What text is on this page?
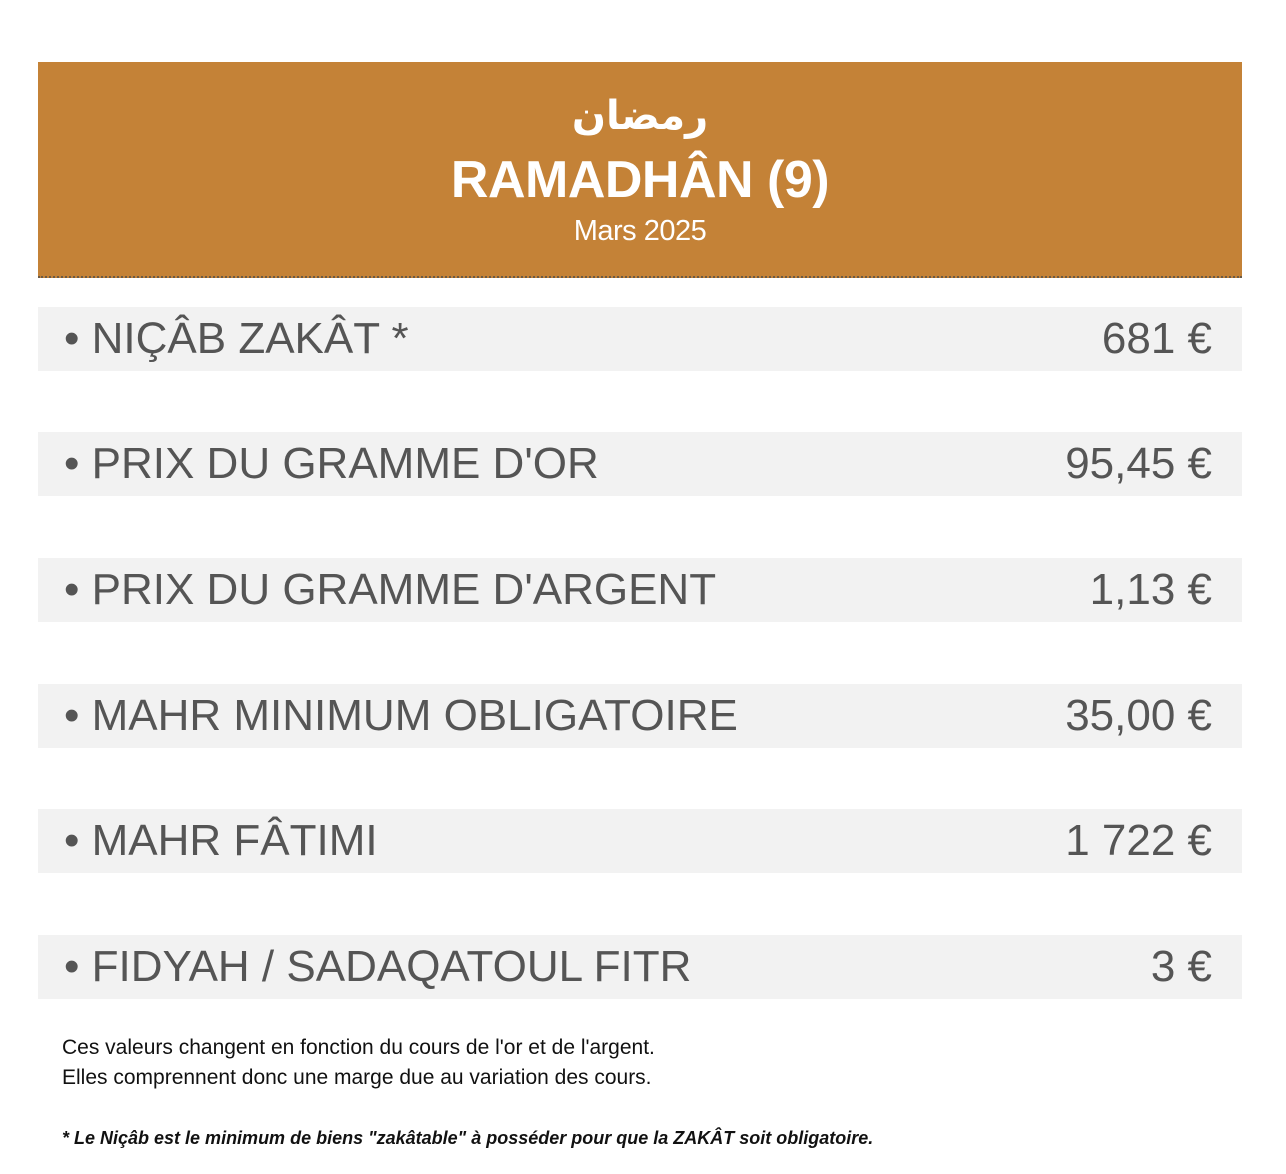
رمضان
RAMADHÂN (9)
Mars 2025
• NIÇÂB ZAKÂT *	681 €
• PRIX DU GRAMME D'OR	95,45 €
• PRIX DU GRAMME D'ARGENT	1,13 €
• MAHR MINIMUM OBLIGATOIRE	35,00 €
• MAHR FÂTIMI	1 722 €
• FIDYAH / SADAQATOUL FITR	3 €
Ces valeurs changent en fonction du cours de l'or et de l'argent.
Elles comprennent donc une marge due au variation des cours.
* Le Niçâb est le minimum de biens "zakâtable" à posséder pour que la ZAKÂT soit obligatoire.
